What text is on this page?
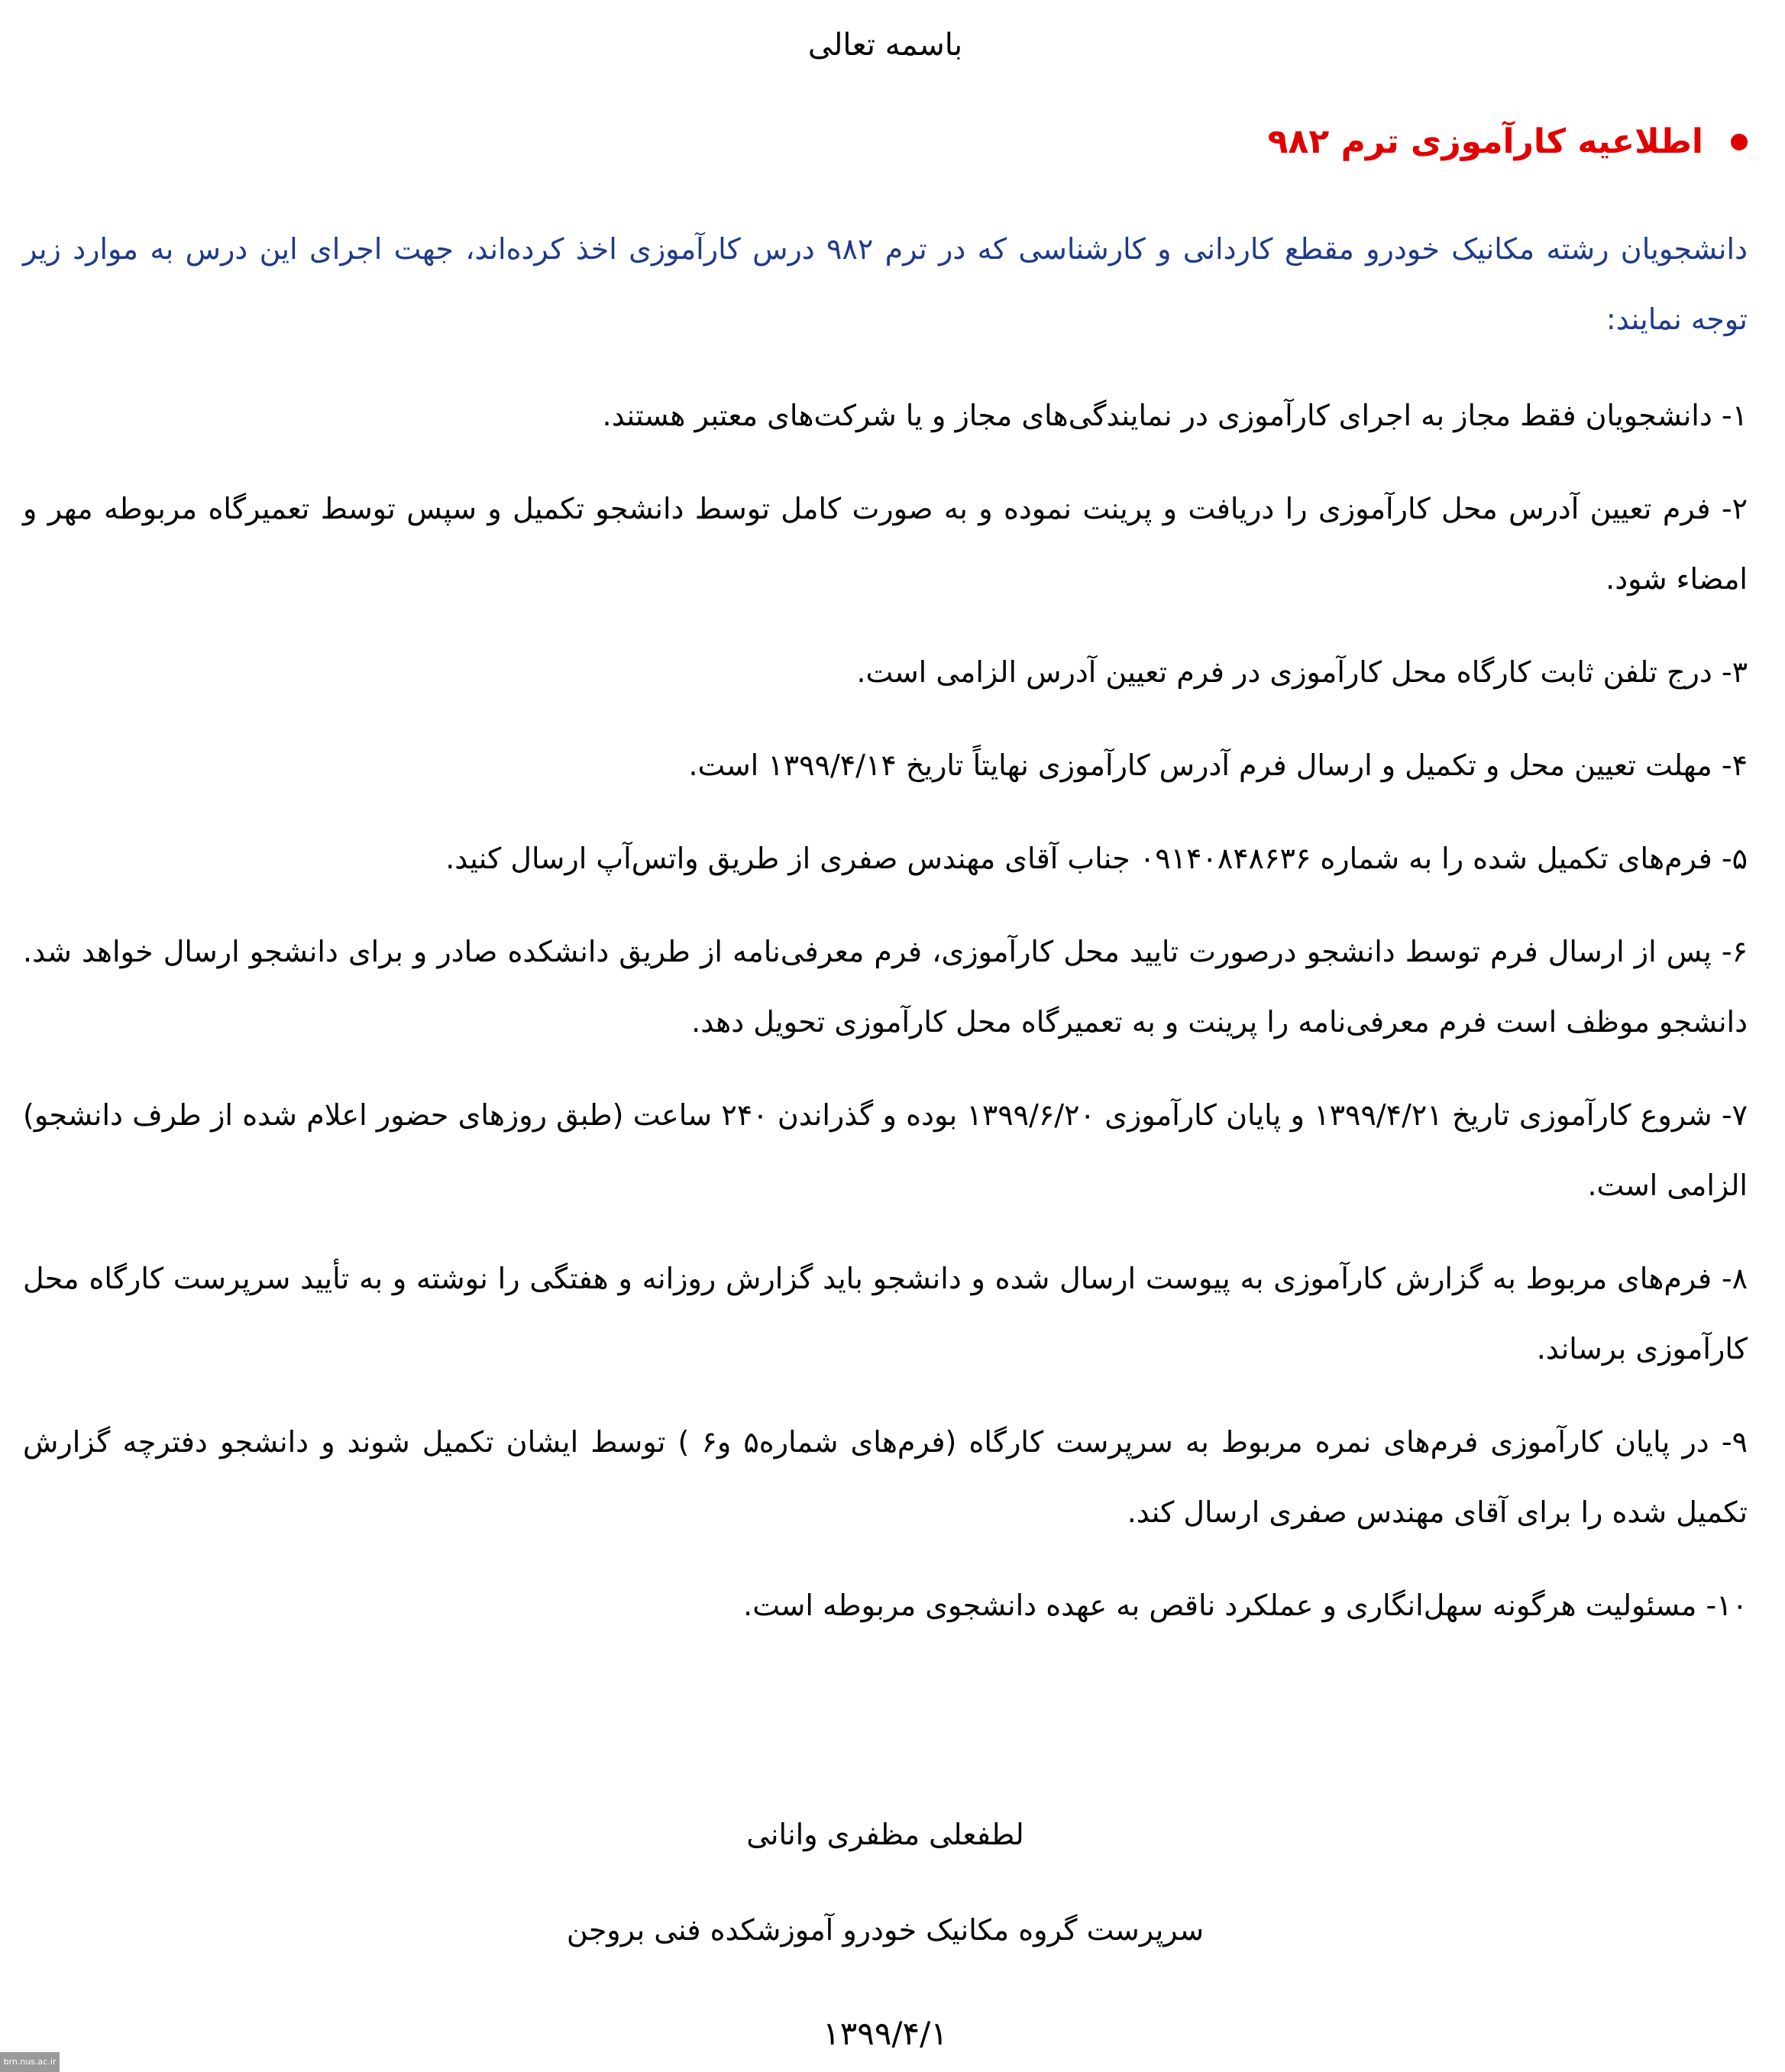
باسمه تعالی
اطلاعیه کارآموزی ترم ۹۸۲
دانشجویان رشته مکانیک خودرو مقطع کاردانی و کارشناسی که در ترم ۹۸۲ درس کارآموزی اخذ کرده‌اند، جهت اجرای این درس به موارد زیر توجه نمایند:

۱- دانشجویان فقط مجاز به اجرای کارآموزی در نمایندگی‌های مجاز و یا شرکت‌های معتبر هستند.

۲- فرم تعیین آدرس محل کارآموزی را دریافت و پرینت نموده و به صورت کامل توسط دانشجو تکمیل و سپس توسط تعمیرگاه مربوطه مهر و امضاء شود.

۳- درج تلفن ثابت کارگاه محل کارآموزی در فرم تعیین آدرس الزامی است.

۴- مهلت تعیین محل و تکمیل و ارسال فرم آدرس کارآموزی نهایتاً تاریخ ۱۳۹۹/۴/۱۴ است.

۵- فرم‌های تکمیل شده را به شماره ۰۹۱۴۰۸۴۸۶۳۶ جناب آقای مهندس صفری از طریق واتس‌آپ ارسال کنید.

۶- پس از ارسال فرم توسط دانشجو درصورت تایید محل کارآموزی، فرم معرفی‌نامه از طریق دانشکده صادر و برای دانشجو ارسال خواهد شد. دانشجو موظف است فرم معرفی‌نامه را پرینت و به تعمیرگاه محل کارآموزی تحویل دهد.

۷- شروع کارآموزی تاریخ ۱۳۹۹/۴/۲۱ و پایان کارآموزی ۱۳۹۹/۶/۲۰ بوده و گذراندن ۲۴۰ ساعت (طبق روزهای حضور اعلام شده از طرف دانشجو) الزامی است.

۸- فرم‌های مربوط به گزارش کارآموزی به پیوست ارسال شده و دانشجو باید گزارش روزانه و هفتگی را نوشته و به تأیید سرپرست کارگاه محل کارآموزی برساند.

۹- در پایان کارآموزی فرم‌های نمره مربوط به سرپرست کارگاه (فرم‌های شماره۵ و۶ ) توسط ایشان تکمیل شوند و دانشجو دفترچه گزارش تکمیل شده را برای آقای مهندس صفری ارسال کند.

۱۰- مسئولیت هرگونه سهل‌انگاری و عملکرد ناقص به عهده دانشجوی مربوطه است.

لطفعلی مظفری وانانی
سرپرست گروه مکانیک خودرو آموزشکده فنی بروجن
۱۳۹۹/۴/۱
brn.nus.ac.ir
